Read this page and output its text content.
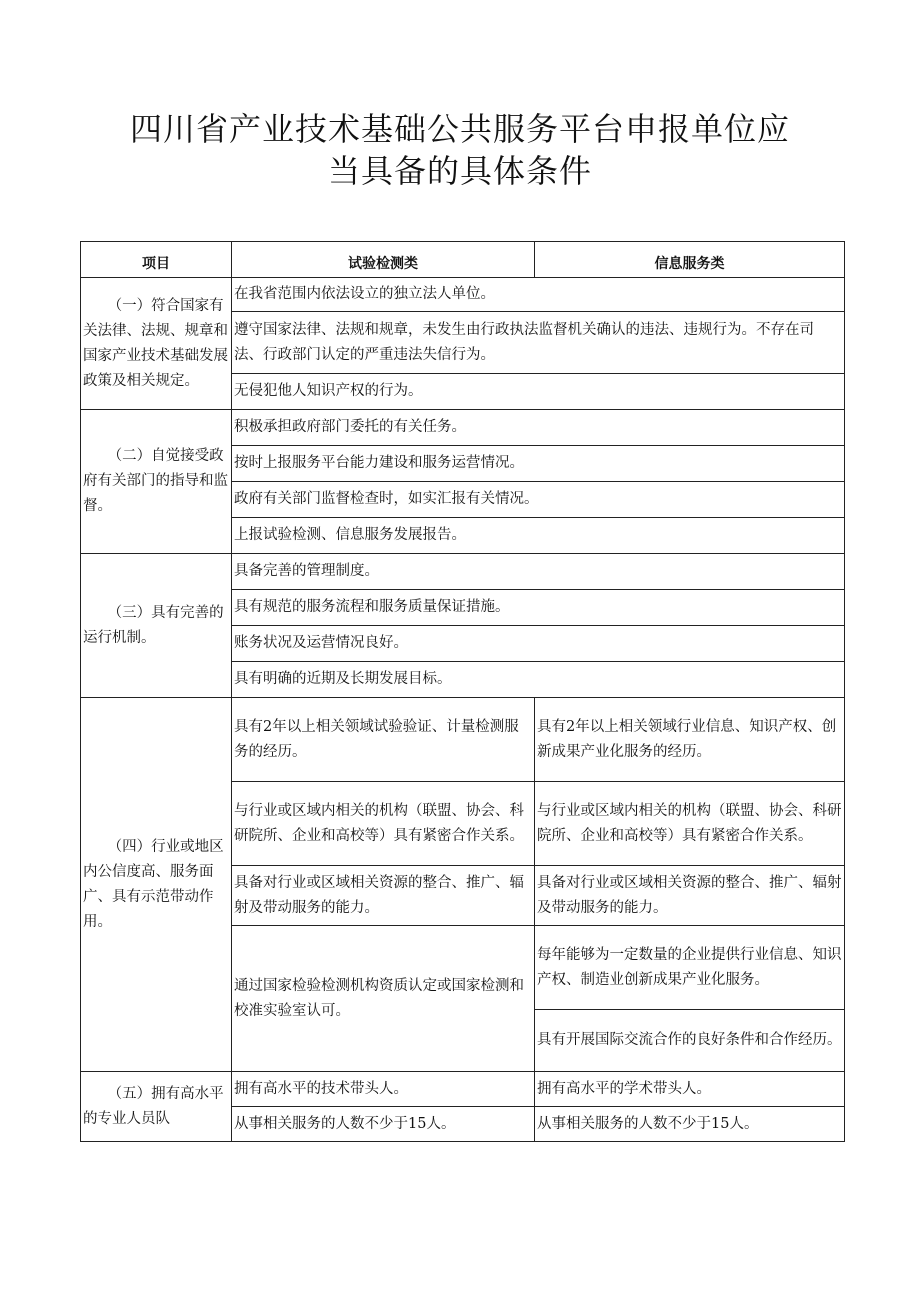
四川省产业技术基础公共服务平台申报单位应
当具备的具体条件
项目	试验检测类	信息服务类
（一）符合国家有关法律、法规、规章和国家产业技术基础发展政策及相关规定。	在我省范围内依法设立的独立法人单位。	
	遵守国家法律、法规和规章，未发生由行政执法监督机关确认的违法、违规行为。不存在司法、行政部门认定的严重违法失信行为。	
	无侵犯他人知识产权的行为。	
（二）自觉接受政府有关部门的指导和监督。	积极承担政府部门委托的有关任务。	
	按时上报服务平台能力建设和服务运营情况。	
	政府有关部门监督检查时，如实汇报有关情况。	
	上报试验检测、信息服务发展报告。	
（三）具有完善的运行机制。	具备完善的管理制度。	
	具有规范的服务流程和服务质量保证措施。	
	账务状况及运营情况良好。	
	具有明确的近期及长期发展目标。	
（四）行业或地区内公信度高、服务面广、具有示范带动作用。	具有2年以上相关领域试验验证、计量检测服务的经历。	具有2年以上相关领域行业信息、知识产权、创新成果产业化服务的经历。
	与行业或区域内相关的机构（联盟、协会、科研院所、企业和高校等）具有紧密合作关系。	与行业或区域内相关的机构（联盟、协会、科研院所、企业和高校等）具有紧密合作关系。
	具备对行业或区域相关资源的整合、推广、辐射及带动服务的能力。	具备对行业或区域相关资源的整合、推广、辐射及带动服务的能力。
	通过国家检验检测机构资质认定或国家检测和校准实验室认可。	每年能够为一定数量的企业提供行业信息、知识产权、制造业创新成果产业化服务。
		具有开展国际交流合作的良好条件和合作经历。
（五）拥有高水平的专业人员队	拥有高水平的技术带头人。	拥有高水平的学术带头人。
	从事相关服务的人数不少于15人。	从事相关服务的人数不少于15人。
